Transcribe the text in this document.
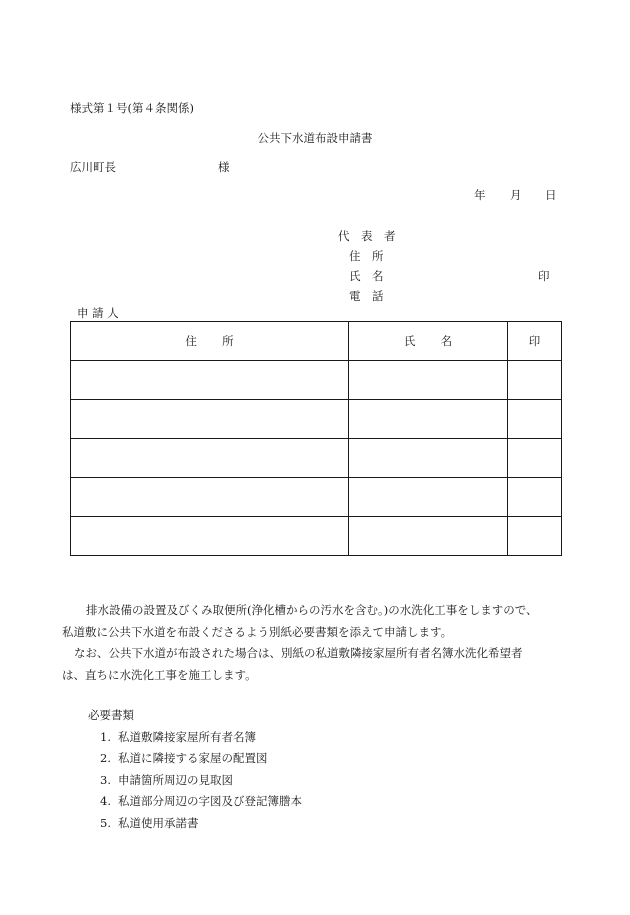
様式第１号(第４条関係)
公共下水道布設申請書
広川町長	様
年 月 日
代　表　者
住　所
氏　名	印
電　話
申 請 人
住所	氏名	印

排水設備の設置及びくみ取便所(浄化槽からの汚水を含む。)の水洗化工事をしますので、

私道敷に公共下水道を布設くださるよう別紙必要書類を添えて申請します。

なお、公共下水道が布設された場合は、別紙の私道敷隣接家屋所有者名簿水洗化希望者

は、直ちに水洗化工事を施工します。

必要書類
1. 私道敷隣接家屋所有者名簿
2. 私道に隣接する家屋の配置図
3. 申請箇所周辺の見取図
4. 私道部分周辺の字図及び登記簿謄本
5. 私道使用承諾書
